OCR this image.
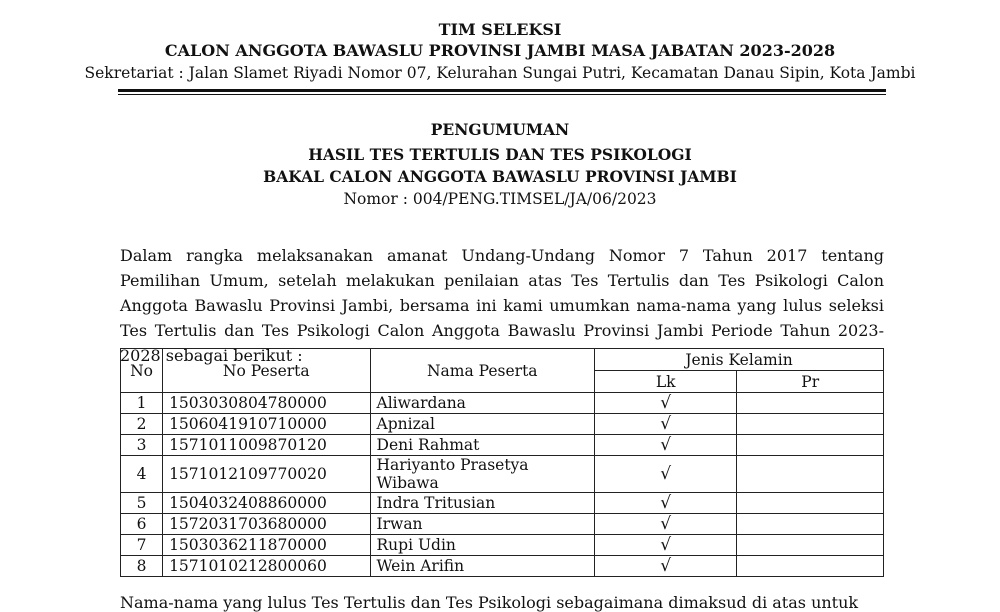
TIM SELEKSI
CALON ANGGOTA BAWASLU PROVINSI JAMBI MASA JABATAN 2023-2028
Sekretariat : Jalan Slamet Riyadi Nomor 07, Kelurahan Sungai Putri, Kecamatan Danau Sipin, Kota Jambi
PENGUMUMAN
HASIL TES TERTULIS DAN TES PSIKOLOGI
BAKAL CALON ANGGOTA BAWASLU PROVINSI JAMBI
Nomor : 004/PENG.TIMSEL/JA/06/2023
Dalam rangka melaksanakan amanat Undang-Undang Nomor 7 Tahun 2017 tentang Pemilihan Umum, setelah melakukan penilaian atas Tes Tertulis dan Tes Psikologi Calon Anggota Bawaslu Provinsi Jambi, bersama ini kami umumkan nama-nama yang lulus seleksi Tes Tertulis dan Tes Psikologi Calon Anggota Bawaslu Provinsi Jambi Periode Tahun 2023-2028 sebagai berikut :
No	No Peserta	Nama Peserta	Jenis Kelamin	
			Lk	Pr
1	1503030804780000	Aliwardana	√	
2	1506041910710000	Apnizal	√	
3	1571011009870120	Deni Rahmat	√	
4	1571012109770020	Hariyanto Prasetya Wibawa	√	
5	1504032408860000	Indra Tritusian	√	
6	1572031703680000	Irwan	√	
7	1503036211870000	Rupi Udin	√	
8	1571010212800060	Wein Arifin	√	
Nama-nama yang lulus Tes Tertulis dan Tes Psikologi sebagaimana dimaksud di atas untuk
